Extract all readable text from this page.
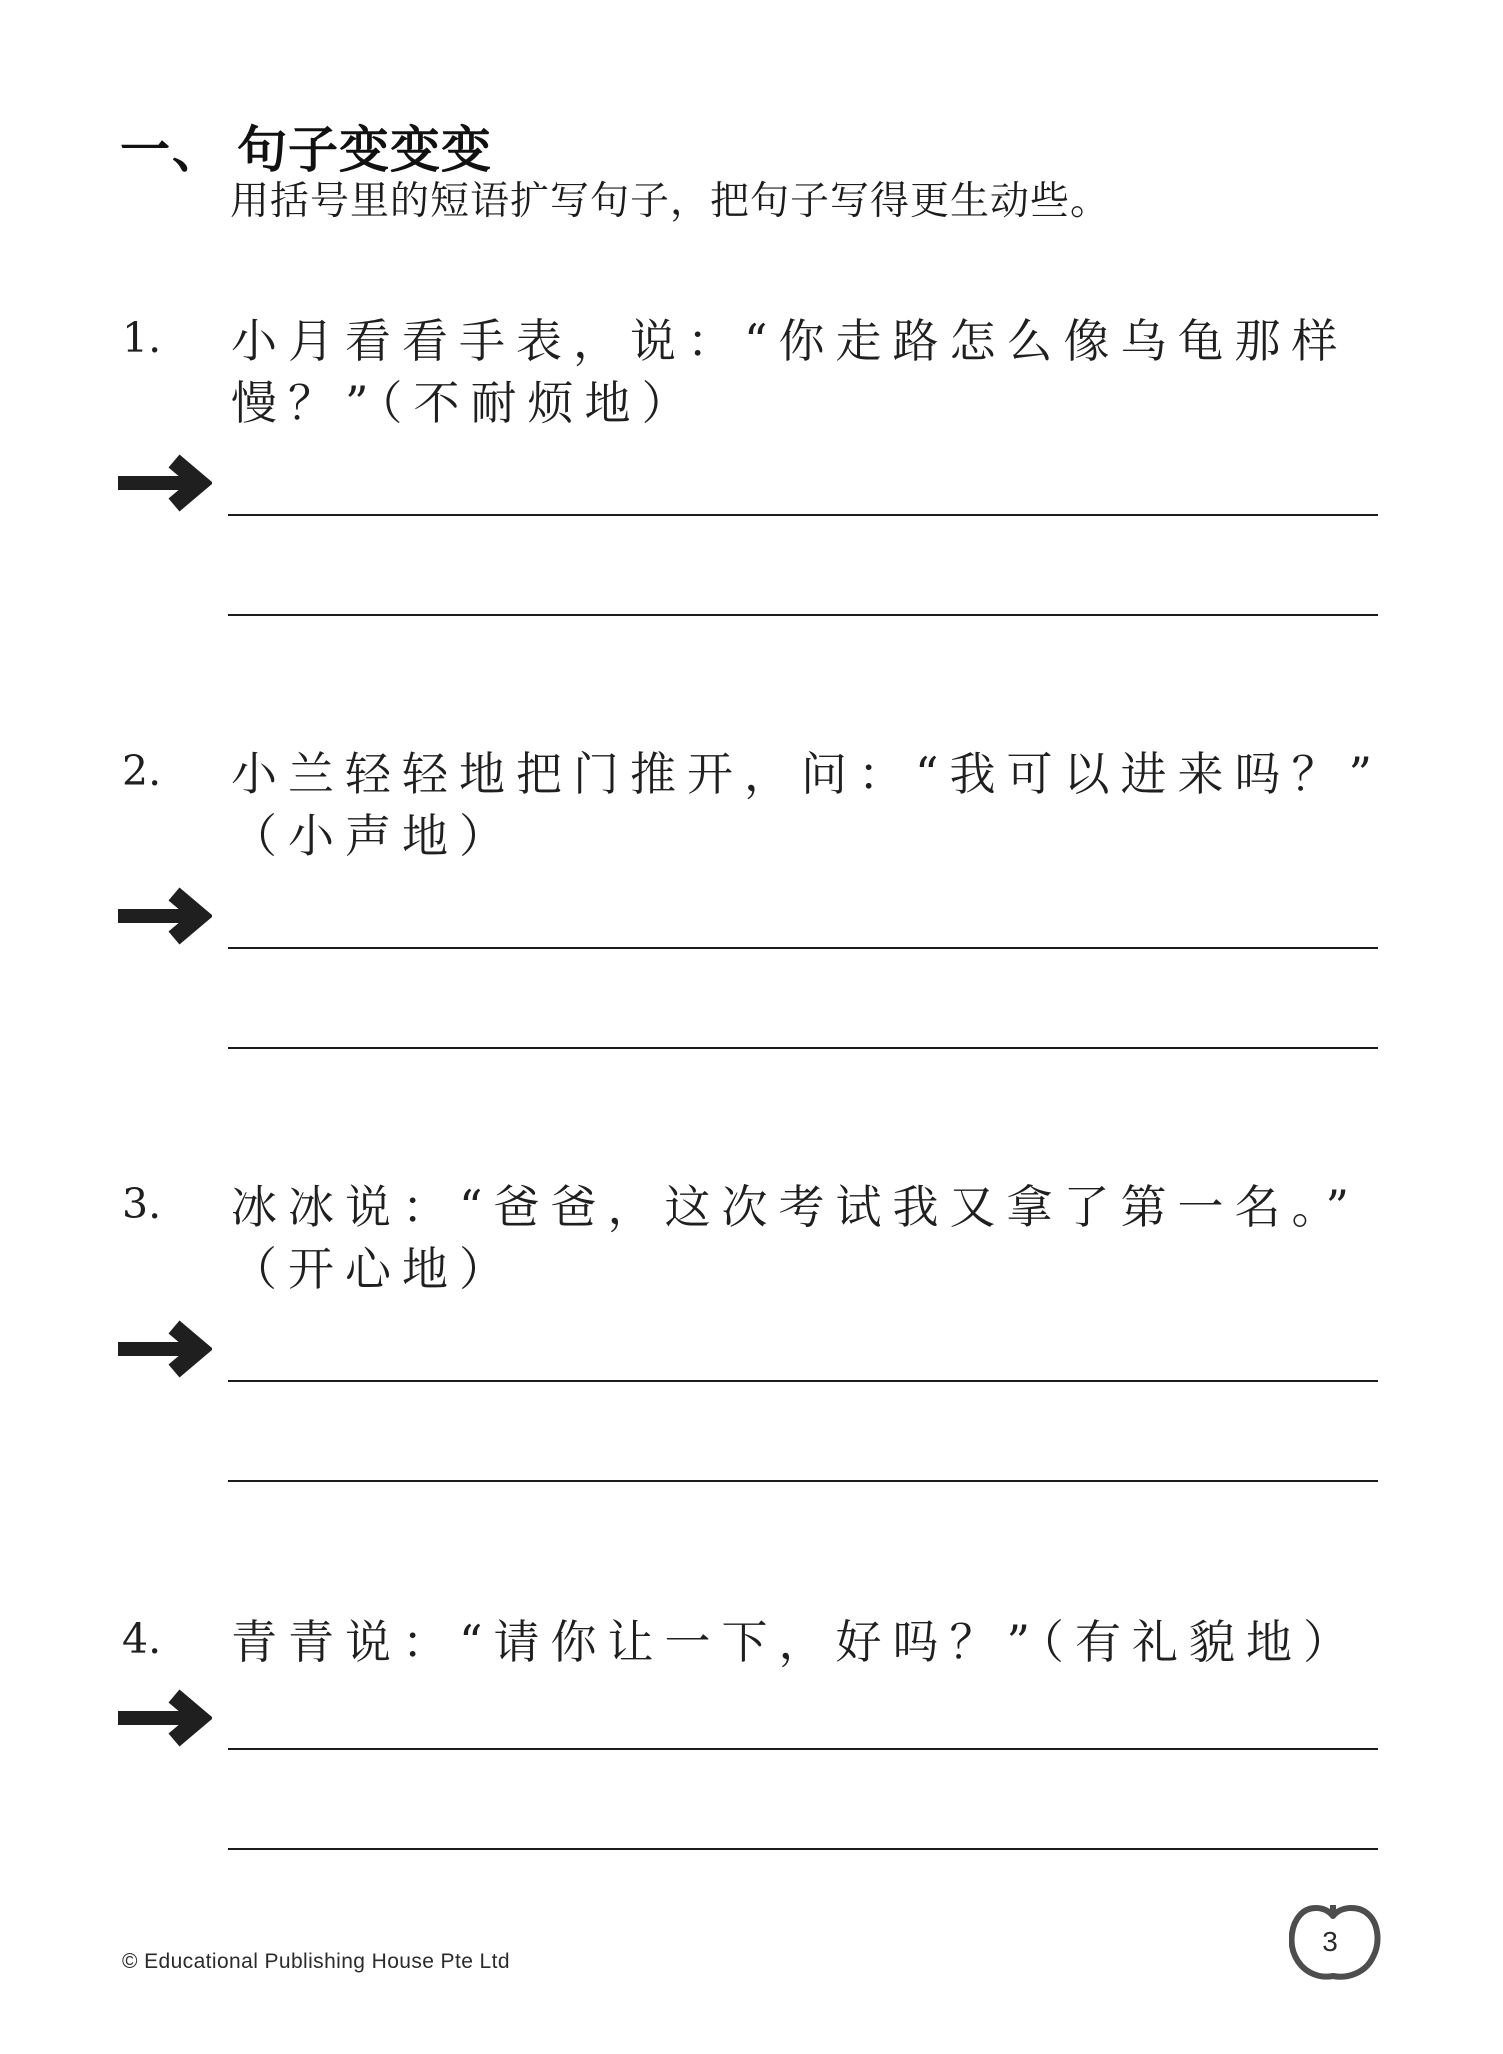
一、 句子变变变
用括号里的短语扩写句子，把句子写得更生动些。
1. 小月看看手表，说：“你走路怎么像乌龟那样
慢？”（不耐烦地）
2. 小兰轻轻地把门推开，问：“我可以进来吗？”
（小声地）
3. 冰冰说：“爸爸，这次考试我又拿了第一名。”
（开心地）
4. 青青说：“请你让一下，好吗？”（有礼貌地）
© Educational Publishing House Pte Ltd
3
